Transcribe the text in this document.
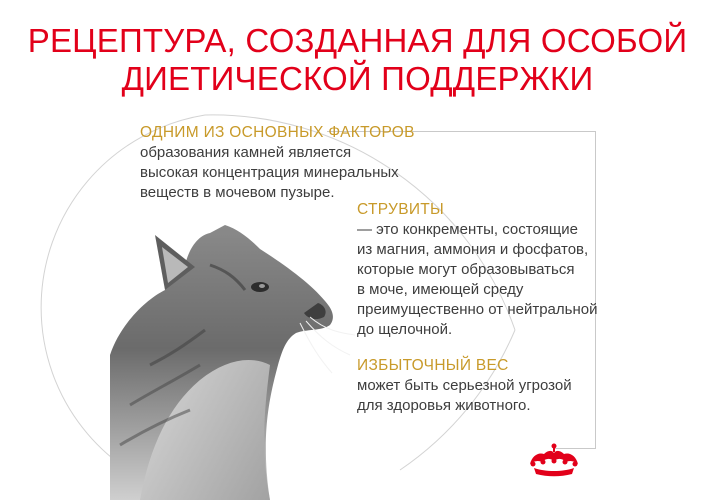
РЕЦЕПТУРА, СОЗДАННАЯ ДЛЯ ОСОБОЙ
ДИЕТИЧЕСКОЙ ПОДДЕРЖКИ
ОДНИМ ИЗ ОСНОВНЫХ ФАКТОРОВ
образования камней является
высокая концентрация минеральных
веществ в мочевом пузыре.
СТРУВИТЫ
— это конкременты, состоящие
из магния, аммония и фосфатов,
которые могут образовываться
в моче, имеющей среду
преимущественно от нейтральной
до щелочной.
ИЗБЫТОЧНЫЙ ВЕС
может быть серьезной угрозой
для здоровья животного.
